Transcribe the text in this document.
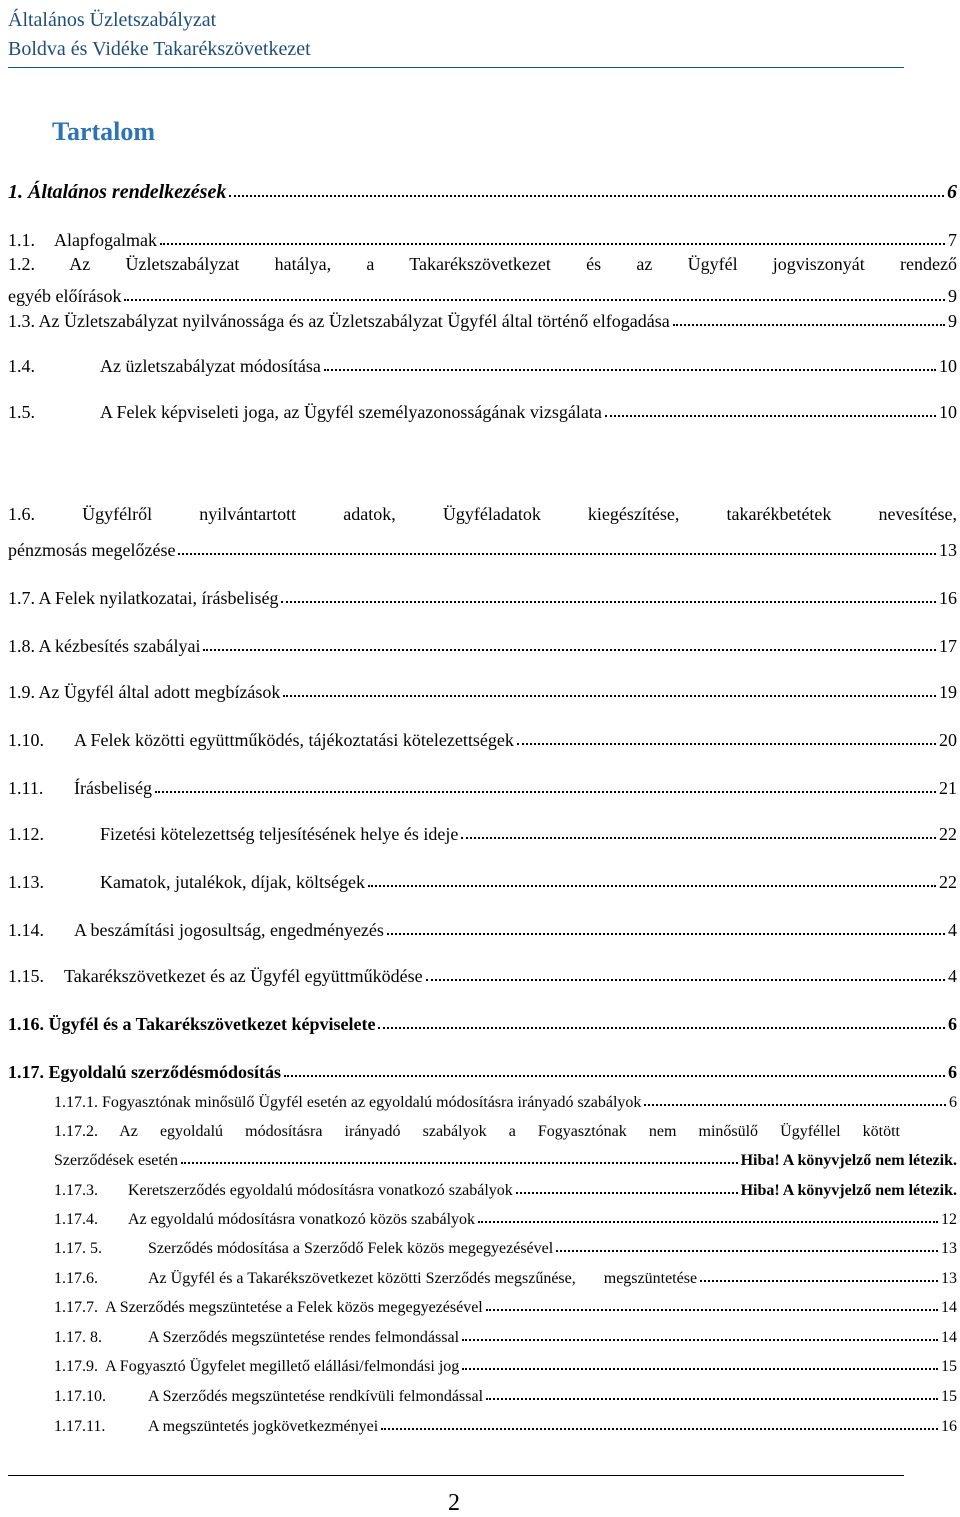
Általános Üzletszabályzat
Boldva és Vidéke Takarékszövetkezet
Tartalom
1. Általános rendelkezések	6
1.1.	Alapfogalmak	7
1.2. Az Üzletszabályzat hatálya, a Takarékszövetkezet és az Ügyfél jogviszonyát rendező
egyéb előírások	9
1.3. Az Üzletszabályzat nyilvánossága és az Üzletszabályzat Ügyfél által történő elfogadása	9
1.4.	Az üzletszabályzat módosítása	10
1.5.	A Felek képviseleti joga, az Ügyfél személyazonosságának vizsgálata	10
1.6. Ügyfélről nyilvántartott adatok, Ügyféladatok kiegészítése, takarékbetétek nevesítése,
pénzmosás megelőzése	13
1.7. A Felek nyilatkozatai, írásbeliség	16
1.8. A kézbesítés szabályai	17
1.9. Az Ügyfél által adott megbízások	19
1.10.	A Felek közötti együttműködés, tájékoztatási kötelezettségek	20
1.11.	Írásbeliség	21
1.12.	Fizetési kötelezettség teljesítésének helye és ideje	22
1.13.	Kamatok, jutalékok, díjak, költségek	22
1.14.	A beszámítási jogosultság, engedményezés	4
1.15.	Takarékszövetkezet és az Ügyfél együttműködése	4
1.16. Ügyfél és a Takarékszövetkezet képviselete	6
1.17. Egyoldalú szerződésmódosítás	6
1.17.1. Fogyasztónak minősülő Ügyfél esetén az egyoldalú módosításra irányadó szabályok	6
1.17.2. Az egyoldalú módosításra irányadó szabályok a Fogyasztónak nem minősülő Ügyféllel kötött
Szerződések esetén	Hiba! A könyvjelző nem létezik.
1.17.3.	Keretszerződés egyoldalú módosításra vonatkozó szabályok	Hiba! A könyvjelző nem létezik.
1.17.4.	Az egyoldalú módosításra vonatkozó közös szabályok	12
1.17. 5.	Szerződés módosítása a Szerződő Felek közös megegyezésével	13
1.17.6.	Az Ügyfél és a Takarékszövetkezet közötti Szerződés megszűnése,       megszüntetése	13
1.17.7.  A Szerződés megszüntetése a Felek közös megegyezésével	14
1.17. 8.	A Szerződés megszüntetése rendes felmondással	14
1.17.9.  A Fogyasztó Ügyfelet megillető elállási/felmondási jog	15
1.17.10.	A Szerződés megszüntetése rendkívüli felmondással	15
1.17.11.	A megszüntetés jogkövetkezményei	16
2
